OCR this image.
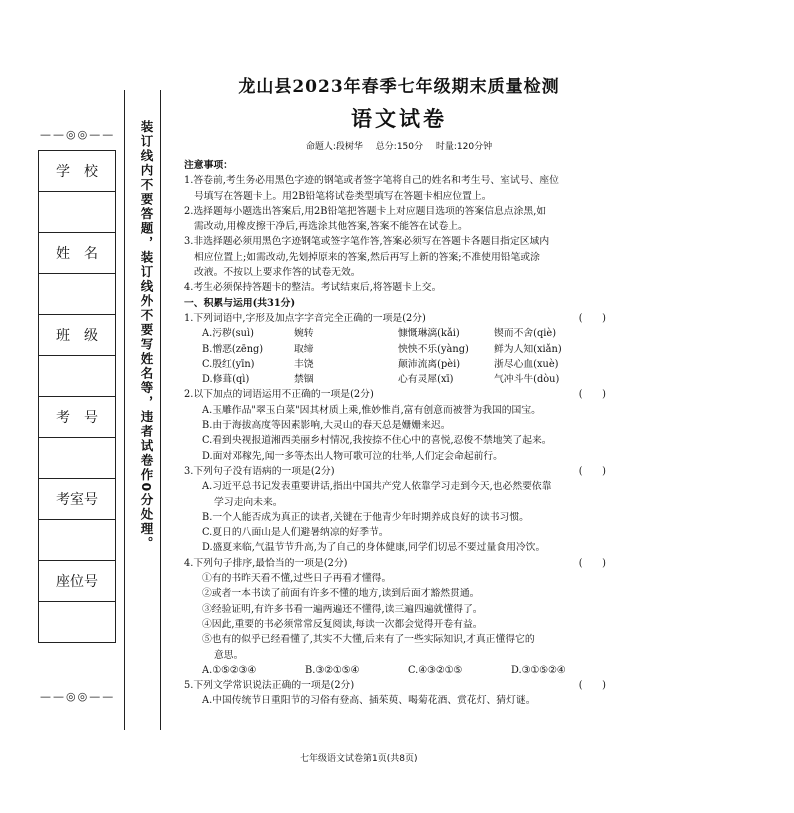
——◎◎——
——◎◎——
学　校

姓　名

班　级

考　号

考室号

座位号

装订线内不要答题，装订线外不要写姓名等，违者试卷作0分处理。
龙山县2023年春季七年级期末质量检测
语文试卷
命题人:段树华 总分:150分 时量:120分钟
注意事项：
1.答卷前,考生务必用黑色字迹的钢笔或者签字笔将自己的姓名和考生号、室试号、座位
号填写在答题卡上。用2B铅笔将试卷类型填写在答题卡相应位置上。
2.选择题每小题选出答案后,用2B铅笔把答题卡上对应题目选项的答案信息点涂黑,如
需改动,用橡皮擦干净后,再选涂其他答案,答案不能答在试卷上。
3.非选择题必须用黑色字迹钢笔或签字笔作答,答案必须写在答题卡各题目指定区域内
相应位置上;如需改动,先划掉原来的答案,然后再写上新的答案;不准使用铅笔或涂
改液。不按以上要求作答的试卷无效。
4.考生必须保持答题卡的整洁。考试结束后,将答题卡上交。
一、积累与运用(共31分)
1.下列词语中,字形及加点字字音完全正确的一项是(2分)	(　　)
A.污秽(suì)	婉转	慷慨琳漓(kǎi)	锲而不舍(qiè)
B.憎恶(zēng)	取缔	怏怏不乐(yàng)	鲜为人知(xiǎn)
C.殷红(yīn)	丰饶	颠沛流离(pèi)	浙尽心血(xuè)
D.修葺(qì)	禁锢	心有灵犀(xī)	气冲斗牛(dòu)
2.以下加点的词语运用不正确的一项是(2分)	(　　)
A.玉雕作品"翠玉白菜"因其材质上乘,惟妙惟肖,富有创意而被誉为我国的国宝。
B.由于海拔高度等因素影响,大灵山的春天总是姗姗来迟。
C.看到央视报道湘西美丽乡村情况,我按捺不住心中的喜悦,忍俊不禁地笑了起来。
D.面对邓稼先,闻一多等杰出人物可歌可泣的壮举,人们定会命起前行。
3.下列句子没有语病的一项是(2分)	(　　)
A.习近平总书记发表重要讲话,指出中国共产党人依靠学习走到今天,也必然要依靠
学习走向未来。
B.一个人能否成为真正的读者,关键在于他青少年时期养成良好的读书习惯。
C.夏日的八面山是人们避暑纳凉的好季节。
D.盛夏来临,气温节节升高,为了自己的身体健康,同学们切忌不要过量食用冷饮。
4.下列句子排序,最恰当的一项是(2分)	(　　)
①有的书昨天看不懂,过些日子再看才懂得。
②或者一本书读了前面有许多不懂的地方,读到后面才豁然贯通。
③经验证明,有许多书看一遍两遍还不懂得,读三遍四遍就懂得了。
④因此,重要的书必须常常反复阅读,每读一次都会觉得开卷有益。
⑤也有的似乎已经看懂了,其实不大懂,后来有了一些实际知识,才真正懂得它的
意思。
A.①⑤②③④	B.③②①⑤④	C.④③②①⑤	D.③①⑤②④
5.下列文学常识说法正确的一项是(2分)	(　　)
A.中国传统节日重阳节的习俗有登高、插茱萸、喝菊花酒、赏花灯、猜灯谜。
七年级语文试卷第1页(共8页)
